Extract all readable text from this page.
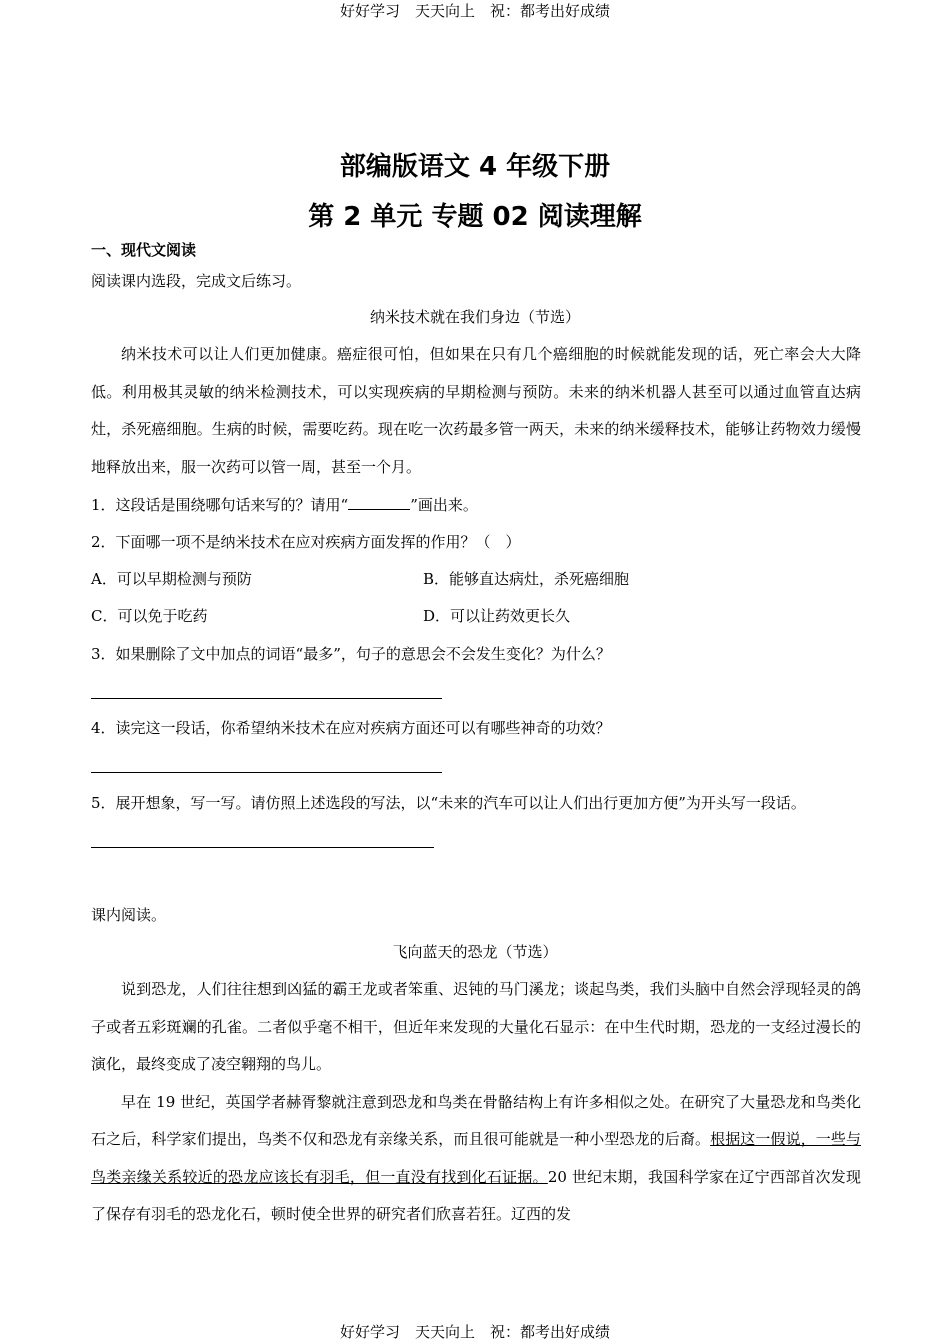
好好学习　天天向上　祝：都考出好成绩
部编版语文 4 年级下册
第 2 单元 专题 02 阅读理解
一、现代文阅读
阅读课内选段，完成文后练习。
纳米技术就在我们身边（节选）

纳米技术可以让人们更加健康。癌症很可怕，但如果在只有几个癌细胞的时候就能发现的话，死亡率会大大降低。利用极其灵敏的纳米检测技术，可以实现疾病的早期检测与预防。未来的纳米机器人甚至可以通过血管直达病灶，杀死癌细胞。生病的时候，需要吃药。现在吃一次药最多管一两天，未来的纳米缓释技术，能够让药物效力缓慢地释放出来，服一次药可以管一周，甚至一个月。

1．这段话是围绕哪句话来写的？请用“	”画出来。
2．下面哪一项不是纳米技术在应对疾病方面发挥的作用？（　）
A．可以早期检测与预防	B．能够直达病灶，杀死癌细胞
C．可以免于吃药	D．可以让药效更长久
3．如果删除了文中加点的词语“最多”，句子的意思会不会发生变化？为什么？
4．读完这一段话，你希望纳米技术在应对疾病方面还可以有哪些神奇的功效？
5．展开想象，写一写。请仿照上述选段的写法，以“未来的汽车可以让人们出行更加方便”为开头写一段话。
课内阅读。
飞向蓝天的恐龙（节选）

说到恐龙，人们往往想到凶猛的霸王龙或者笨重、迟钝的马门溪龙；谈起鸟类，我们头脑中自然会浮现轻灵的鸽子或者五彩斑斓的孔雀。二者似乎毫不相干，但近年来发现的大量化石显示：在中生代时期，恐龙的一支经过漫长的演化，最终变成了凌空翱翔的鸟儿。

早在 19 世纪，英国学者赫胥黎就注意到恐龙和鸟类在骨骼结构上有许多相似之处。在研究了大量恐龙和鸟类化石之后，科学家们提出，鸟类不仅和恐龙有亲缘关系，而且很可能就是一种小型恐龙的后裔。根据这一假说，一些与鸟类亲缘关系较近的恐龙应该长有羽毛，但一直没有找到化石证据。20 世纪末期，我国科学家在辽宁西部首次发现了保存有羽毛的恐龙化石，顿时使全世界的研究者们欣喜若狂。辽西的发

好好学习　天天向上　祝：都考出好成绩
